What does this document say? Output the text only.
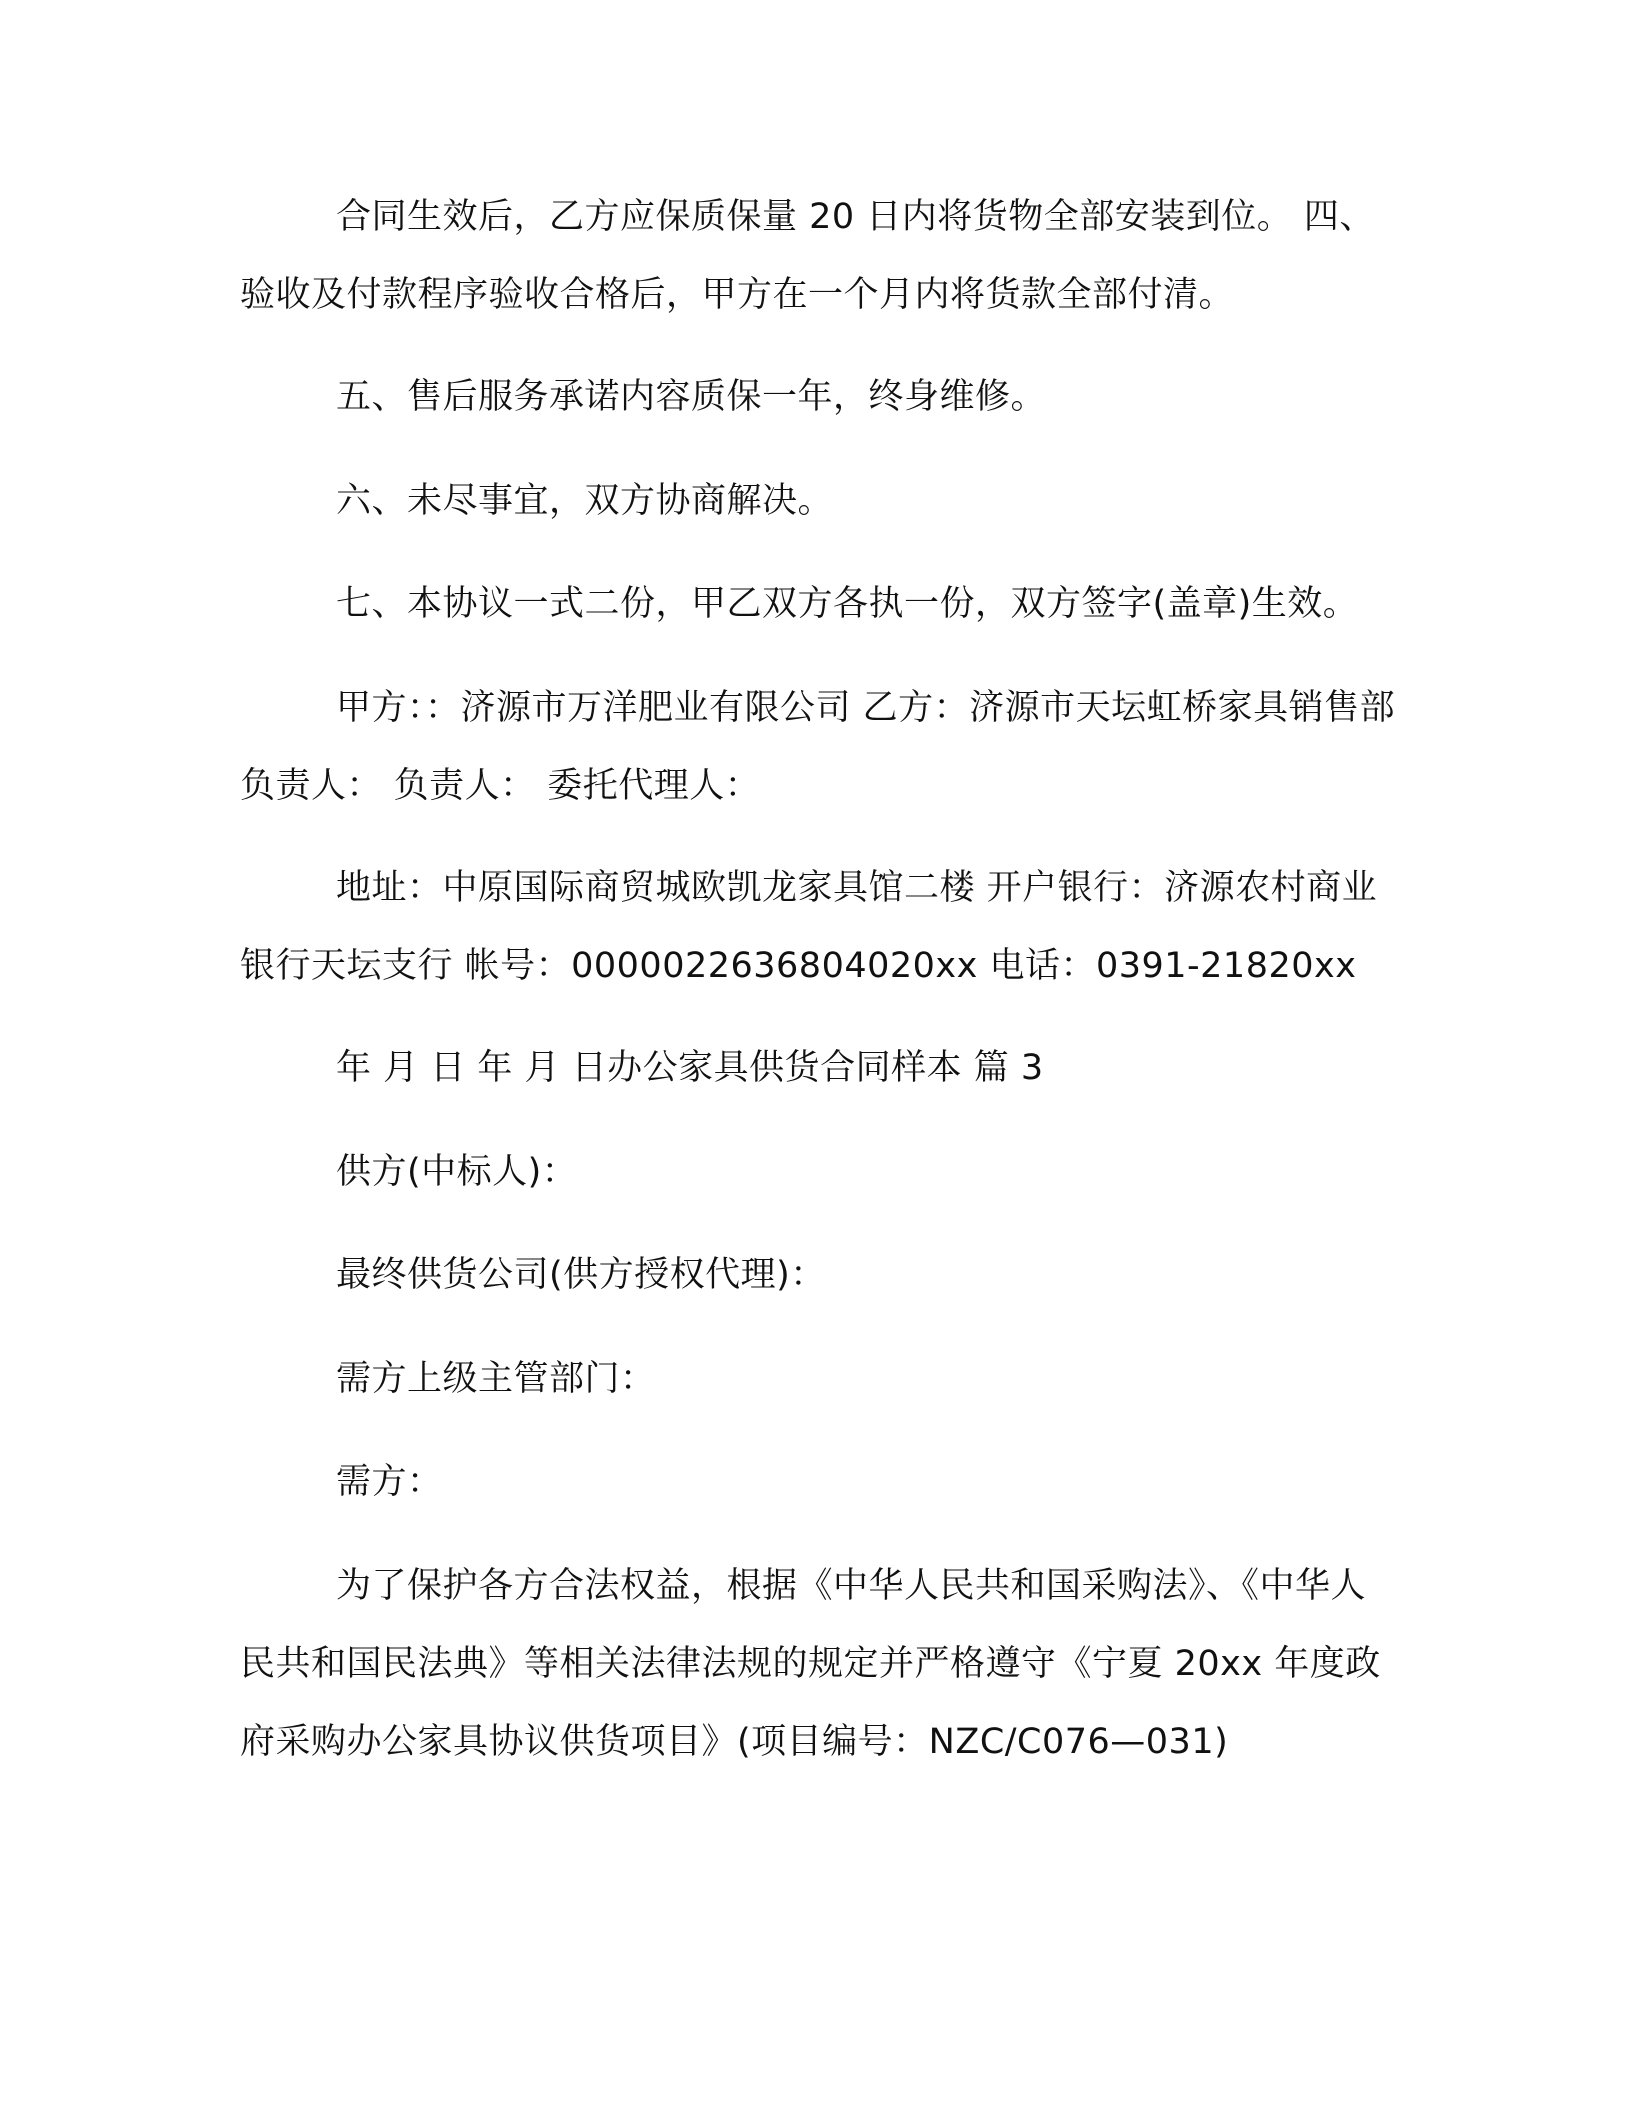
合同生效后，乙方应保质保量 20 日内将货物全部安装到位。 四、验收及付款程序验收合格后，甲方在一个月内将货款全部付清。

五、售后服务承诺内容质保一年，终身维修。

六、未尽事宜，双方协商解决。

七、本协议一式二份，甲乙双方各执一份，双方签字(盖章)生效。

甲方：：济源市万洋肥业有限公司 乙方：济源市天坛虹桥家具销售部 负责人： 负责人： 委托代理人：

地址：中原国际商贸城欧凯龙家具馆二楼 开户银行：济源农村商业银行天坛支行 帐号：0000022636804020xx 电话：0391-21820xx

年 月 日 年 月 日办公家具供货合同样本 篇 3

供方(中标人)：

最终供货公司(供方授权代理)：

需方上级主管部门：

需方：

为了保护各方合法权益，根据《中华人民共和国采购法》、《中华人民共和国民法典》等相关法律法规的规定并严格遵守《宁夏 20xx 年度政府采购办公家具协议供货项目》(项目编号：NZC/C076—031)
